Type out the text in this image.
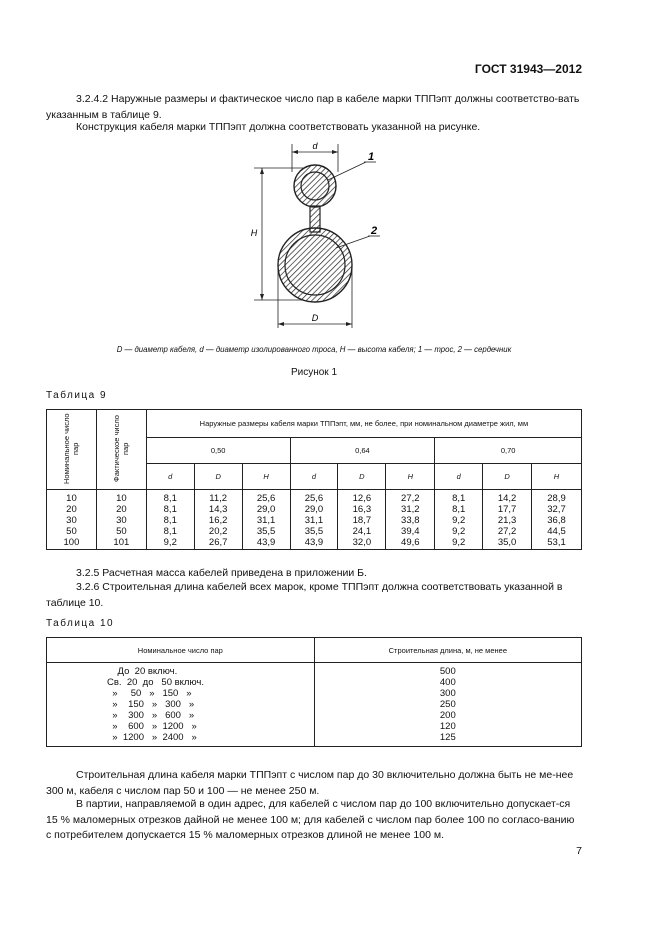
ГОСТ 31943—2012
3.2.4.2 Наружные размеры и фактическое число пар в кабеле марки ТППэпт должны соответство-вать указанным в таблице 9.
Конструкция кабеля марки ТППэпт должна соответствовать указанной на рисунке.
d
H
1
2
D
D — диаметр кабеля, d — диаметр изолированного троса, H — высота кабеля; 1 — трос, 2 — сердечник
Рисунок 1
Таблица 9
Номинальное число пар	Фактическое число пар	Наружные размеры кабеля марки ТППэпт, мм, не более, при номинальном диаметре жил, мм								
		0,50			0,64			0,70		
		d	D	H	d	D	H	d	D	H
10	10	8,1	11,2	25,6	25,6	12,6	27,2	8,1	14,2	28,9
20	20	8,1	14,3	29,0	29,0	16,3	31,2	8,1	17,7	32,7
30	30	8,1	16,2	31,1	31,1	18,7	33,8	9,2	21,3	36,8
50	50	8,1	20,2	35,5	35,5	24,1	39,4	9,2	27,2	44,5
100	101	9,2	26,7	43,9	43,9	32,0	49,6	9,2	35,0	53,1
3.2.5 Расчетная масса кабелей приведена в приложении Б.
3.2.6 Строительная длина кабелей всех марок, кроме ТППэпт должна соответствовать указанной в таблице 10.
Таблица 10
Номинальное число пар	Строительная длина, м, не менее
До  20 включ.	500
Св.  20  до   50 включ.	400
»     50   »   150   »	300
»    150   »   300   »	250
»    300   »   600   »	200
»    600   »  1200   »	120
»  1200   »  2400   »	125
Строительная длина кабеля марки ТППэпт с числом пар до 30 включительно должна быть не ме-нее 300 м, кабеля с числом пар 50 и 100 — не менее 250 м.
В партии, направляемой в один адрес, для кабелей с числом пар до 100 включительно допускает-ся 15 % маломерных отрезков дайной не менее 100 м; для кабелей с числом пар более 100 по согласо-ванию с потребителем допускается 15 % маломерных отрезков длиной не менее 100 м.
7
